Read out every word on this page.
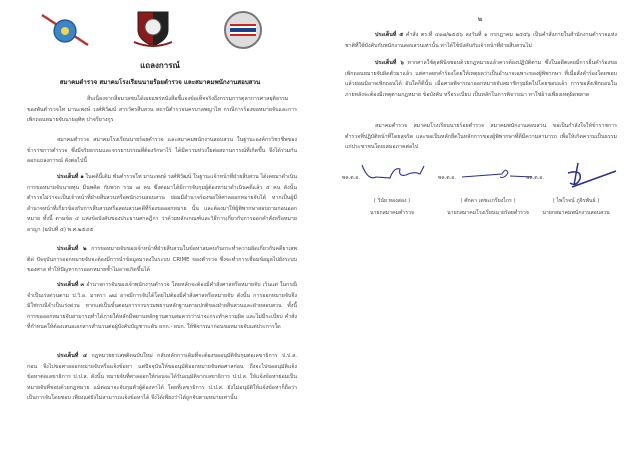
แถลงการณ์
สมาคมตำรวจ สมาคมโรงเรียนนายร้อยตำรวจ และสมาคมพนักงานสอบสวน
สืบเนื่องจากสื่อมวลชนได้เผยแพร่หนังสือชี้แจงข้อเท็จจริงถึงกรรมการตุลาการศาลยุติธรรม ของพันตำรวจโท มานะพงษ์ วงศ์พิวัฒน์ สารวัตรสืบสวน สถานีตำรวจนครบาลพญาไท กรณีการร้องขอหมายจับและการเพิกถอนหมายจับนายอุทิศ ปาจรียางกูร
สมาคมตำรวจ สมาคมโรงเรียนนายร้อยตำรวจ และสมาคมพนักงานสอบสวน ในฐานะองค์กรวิชาชีพของข้าราชการตำรวจ ซึ่งมีจริยธรรมและจรรยาบรรณที่ต้องรักษาไว้ ได้มีความห่วงใยต่อสถานการณ์ที่เกิดขึ้น จึงได้ร่วมกันออกแถลงการณ์ ดังต่อไปนี้
ประเด็นที่ ๑ ในคดีนี้เดิม พันตำรวจโท มานะพงษ์ วงศ์พิวัฒน์ ในฐานะเจ้าหน้าที่ฝ่ายสืบสวน ได้เคยมาดำเนินการขอหมายจับนายทุน มีนพคิด กับพวก รวม ๗ คน ซึ่งต่อมาได้มีการจับกุมผู้ต้องหามาดำเนินคดีแล้ว ๕ คน ดังนั้น ตำรวจไม่ว่าจะเป็นเจ้าหน้าที่ฝ่ายสืบสวนหรือพนักงานสอบสวน ย่อมมีอำนาจร้องขอให้ศาลออกหมายจับได้ หากเป็นผู้มีอำนาจหน้าที่เกี่ยวข้องกับการสืบสวนหรือสอบสวนคดีที่ร้องขอออกหมาย นั้น และต้องมาให้ผู้พิพากษาสอบถามก่อนออกหมาย ทั้งนี้ ตามข้อ ๔ แห่งข้อบังคับของประธานศาลฎีกา ว่าด้วยหลักเกณฑ์และวิธีการเกี่ยวกับการออกคำสั่งหรือหมายอาญา (ฉบับที่ ๕) พ.ศ.๒๕๔๕
ประเด็นที่ ๒ การขอหมายจับของเจ้าหน้าที่ฝ่ายสืบสวนในข้อหาสมคบกันกระทำความผิดเกี่ยวกับคดียาเสพติด ปัจจุบันการออกหมายจับจะต้องมีการนำข้อมูลมาลงในระบบ CRIME ของตำรวจ ซึ่งจะทำการเชื่อมข้อมูลไปยังระบบของศาล ทำให้ปัญหาการออกหมายซ้ำไม่อาจเกิดขึ้นได้
ประเด็นที่ ๓ อำนาจการจับของเจ้าพนักงานตำรวจ โดยหลักจะต้องมีคำสั่งศาลหรือหมายจับ เว้นแต่ ในกรณีจำเป็นเร่งด่วนตาม ป.วิ.อ. มาตรา ๗๘ อาจมีการจับได้โดยไม่ต้องมีคำสั่งศาลหรือหมายจับ ดังนั้น การออกหมายจับจึงมิใช่กรณีจำเป็นเร่งด่วน หากแต่เป็นขั้นตอนการรวบรวมพยานหลักฐานตามปกติของฝ่ายสืบสวนและฝ่ายสอบสวน ทั้งนี้ การขอออกหมายจับสามารถทำได้ภายใต้หลักมีพยานหลักฐานตามสมควรว่าน่าจะกระทำความผิด และไม่มีระเบียบ คำสั่ง ที่กำหนดให้ต้องเสนอเอกสารสำนวนต่อผู้บังคับบัญชาระดับ ผกก.- ผบก. ให้พิจารณาก่อนขอหมายจับแต่ประการใด
ประเด็นที่ ๔ กฎหมายยาเสพติดฉบับใหม่ กลับหลักการเดิมที่จะต้องขออนุมัติจับกุมต่อเลขาธิการ ป.ป.ส. ก่อน จึงไปขอศาลออกหมายจับหรือแจ้งข้อหา แต่ปัจจุบันให้ขออนุมัติออกหมายจับต่อศาลก่อน ถึงจะไปขออนุมัติแจ้งข้อหาต่อเลขาธิการ ป.ป.ส. ดังนั้น หมายจับที่ศาลออกให้ก่อนจะได้รับอนุมัติจากเลขาธิการ ป.ป.ส. ให้แจ้งข้อหาย่อมเป็นหมายจับที่ชอบด้วยกฎหมาย แม้ต่อมาจะจับกุมตัวผู้ต้องหาได้ โดยที่เลขาธิการ ป.ป.ส. ยังไม่อนุมัติให้แจ้งข้อหาก็ถือว่าเป็นการจับโดยชอบ เพียงแต่ยังไม่สามารถแจ้งข้อหาได้ จึงได้เพียงว่าได้ถูกจับตามหมายเท่านั้น
๒
ประเด็นที่ ๕ คำสั่ง ตร.ที่ ๔๑๗/๒๕๕๖ ลงวันที่ ๑ กรกฎาคม ๒๕๕๖ เป็นคำสั่งภายในสำนักงานตำรวจแห่งชาติที่ใช้บังคับกับพนักงานสอบสวนเท่านั้น หาได้ใช้บังคับกับเจ้าหน้าที่ฝ่ายสืบสวนไม่
ประเด็นที่ ๖ หากศาลใช้ดุลพินิจชอบด้วยกฎหมายแล้วควรต้องปฏิบัติตาม ซึ่งในอดีตเคยมีการยื่นคำร้องขอเพิกถอนหมายจับผิดตัวมาแล้ว แต่ศาลยกคำร้องโดยให้เหตุผลว่าเป็นอำนาจเฉพาะของผู้พิพากษา ที่เมื่อสั่งคำร้องโดยชอบแล้วย่อมมิอาจเพิกถอนได้ อันใดก็ดีนั้น เมื่อศาลพิจารณาออกหมายจับสมาชิกรุมผิดไปโดยชอบแล้ว การขอสั่งเพิกถอนในภายหลังจะต้องมีเหตุตามกฎหมาย ข้อบังคับ หรือระเบียบ เป็นหลักในการพิจารณา หาใช่อ้างเพียงเหตุผิดพลาด
สมาคมตำรวจ สมาคมโรงเรียนนายร้อยตำรวจ สมาคมพนักงานสอบสวน ขอเป็นกำลังใจให้ข้าราชการตำรวจที่ปฏิบัติหน้าที่โดยสุจริต และขอเป็นหลักยึดในหลักการของผู้พิพากษาที่ดีมีความสามารถ เพื่อให้เกิดความเป็นธรรมแก่ประชาชนโดยเสมอภาคต่อไป
พล.ต.อ.
( วินัย ทองสอง )
นายกสมาคมตำรวจ
พล.ต.อ.
( ศักดา เตชะเกรียงไกร )
นายกสมาคมโรงเรียนนายร้อยตำรวจ
พล.ต.อ.
( ไพโรจน์ ภู่จิรพันธ์ )
นายกสมาคมพนักงานสอบสวน
